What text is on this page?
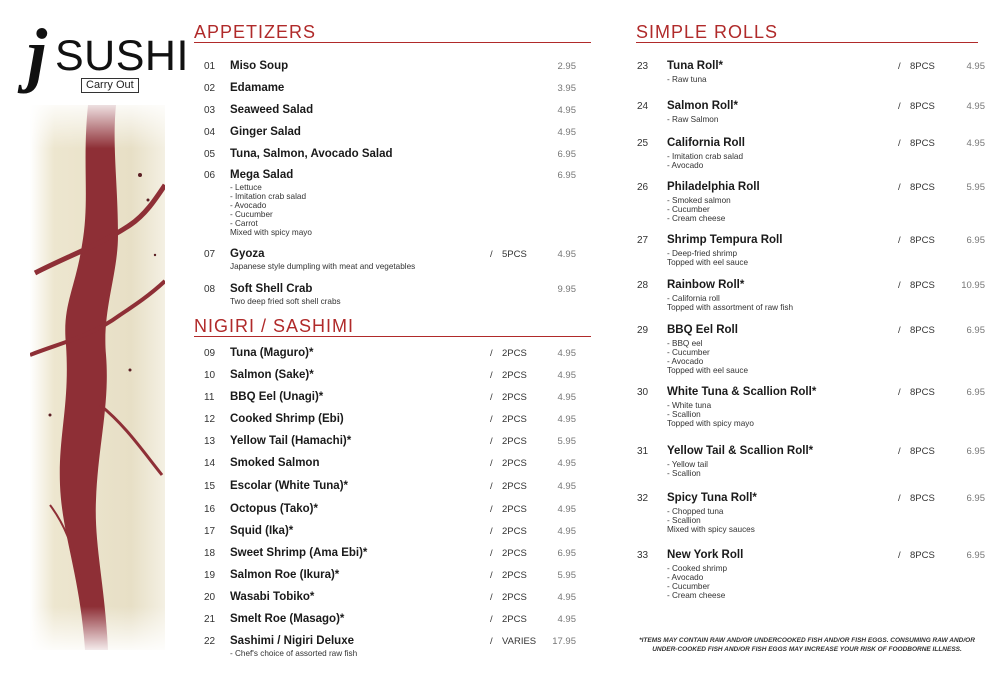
j SUSHI
Carry Out
APPETIZERS
NIGIRI / SASHIMI
SIMPLE ROLLS
01 Miso Soup	2.95
02 Edamame	3.95
03 Seaweed Salad	4.95
04 Ginger Salad	4.95
05 Tuna, Salmon, Avocado Salad	6.95
06 Mega Salad	6.95
- Lettuce
- Imitation crab salad
- Avocado
- Cucumber
- Carrot
Mixed with spicy mayo
07 Gyoza	5PCS	4.95
Japanese style dumpling with meat and vegetables
/
08 Soft Shell Crab	9.95
Two deep fried soft shell crabs
09 Tuna (Maguro)*	2PCS	4.95
/
10 Salmon (Sake)*	2PCS	4.95
/
11 BBQ Eel (Unagi)*	2PCS	4.95
/
12 Cooked Shrimp (Ebi)	2PCS	4.95
/
13 Yellow Tail (Hamachi)*	2PCS	5.95
/
14 Smoked Salmon	2PCS	4.95
/
15 Escolar (White Tuna)*	2PCS	4.95
/
16 Octopus (Tako)*	2PCS	4.95
/
17 Squid (Ika)*	2PCS	4.95
/
18 Sweet Shrimp (Ama Ebi)*	2PCS	6.95
/
19 Salmon Roe (Ikura)*	2PCS	5.95
/
20 Wasabi Tobiko*	2PCS	4.95
/
21 Smelt Roe (Masago)*	2PCS	4.95
/
22 Sashimi / Nigiri Deluxe	VARIES 17.95
- Chef's choice of assorted raw fish
/
23 Tuna Roll*	8PCS	4.95
- Raw tuna
/
24 Salmon Roll*	8PCS	4.95
- Raw Salmon
/
25 California Roll	8PCS	4.95
- Imitation crab salad
- Avocado
/
26 Philadelphia Roll	8PCS	5.95
- Smoked salmon
- Cucumber
- Cream cheese
/
27 Shrimp Tempura Roll	8PCS	6.95
- Deep-fried shrimp
Topped with eel sauce
/
28 Rainbow Roll*	8PCS	10.95
- California roll
Topped with assortment of raw fish
/
29 BBQ Eel Roll	8PCS	6.95
- BBQ eel
- Cucumber
- Avocado
Topped with eel sauce
/
30 White Tuna & Scallion Roll*	8PCS	6.95
- White tuna
- Scallion
Topped with spicy mayo
/
31 Yellow Tail & Scallion Roll*	8PCS	6.95
- Yellow tail
- Scallion
/
32 Spicy Tuna Roll*	8PCS	6.95
- Chopped tuna
- Scallion
Mixed with spicy sauces
/
33 New York Roll	8PCS	6.95
- Cooked shrimp
- Avocado
- Cucumber
- Cream cheese
/
*ITEMS MAY CONTAIN RAW AND/OR UNDERCOOKED FISH AND/OR FISH EGGS. CONSUMING RAW AND/OR UNDER-COOKED FISH AND/OR FISH EGGS MAY INCREASE YOUR RISK OF FOODBORNE ILLNESS.
